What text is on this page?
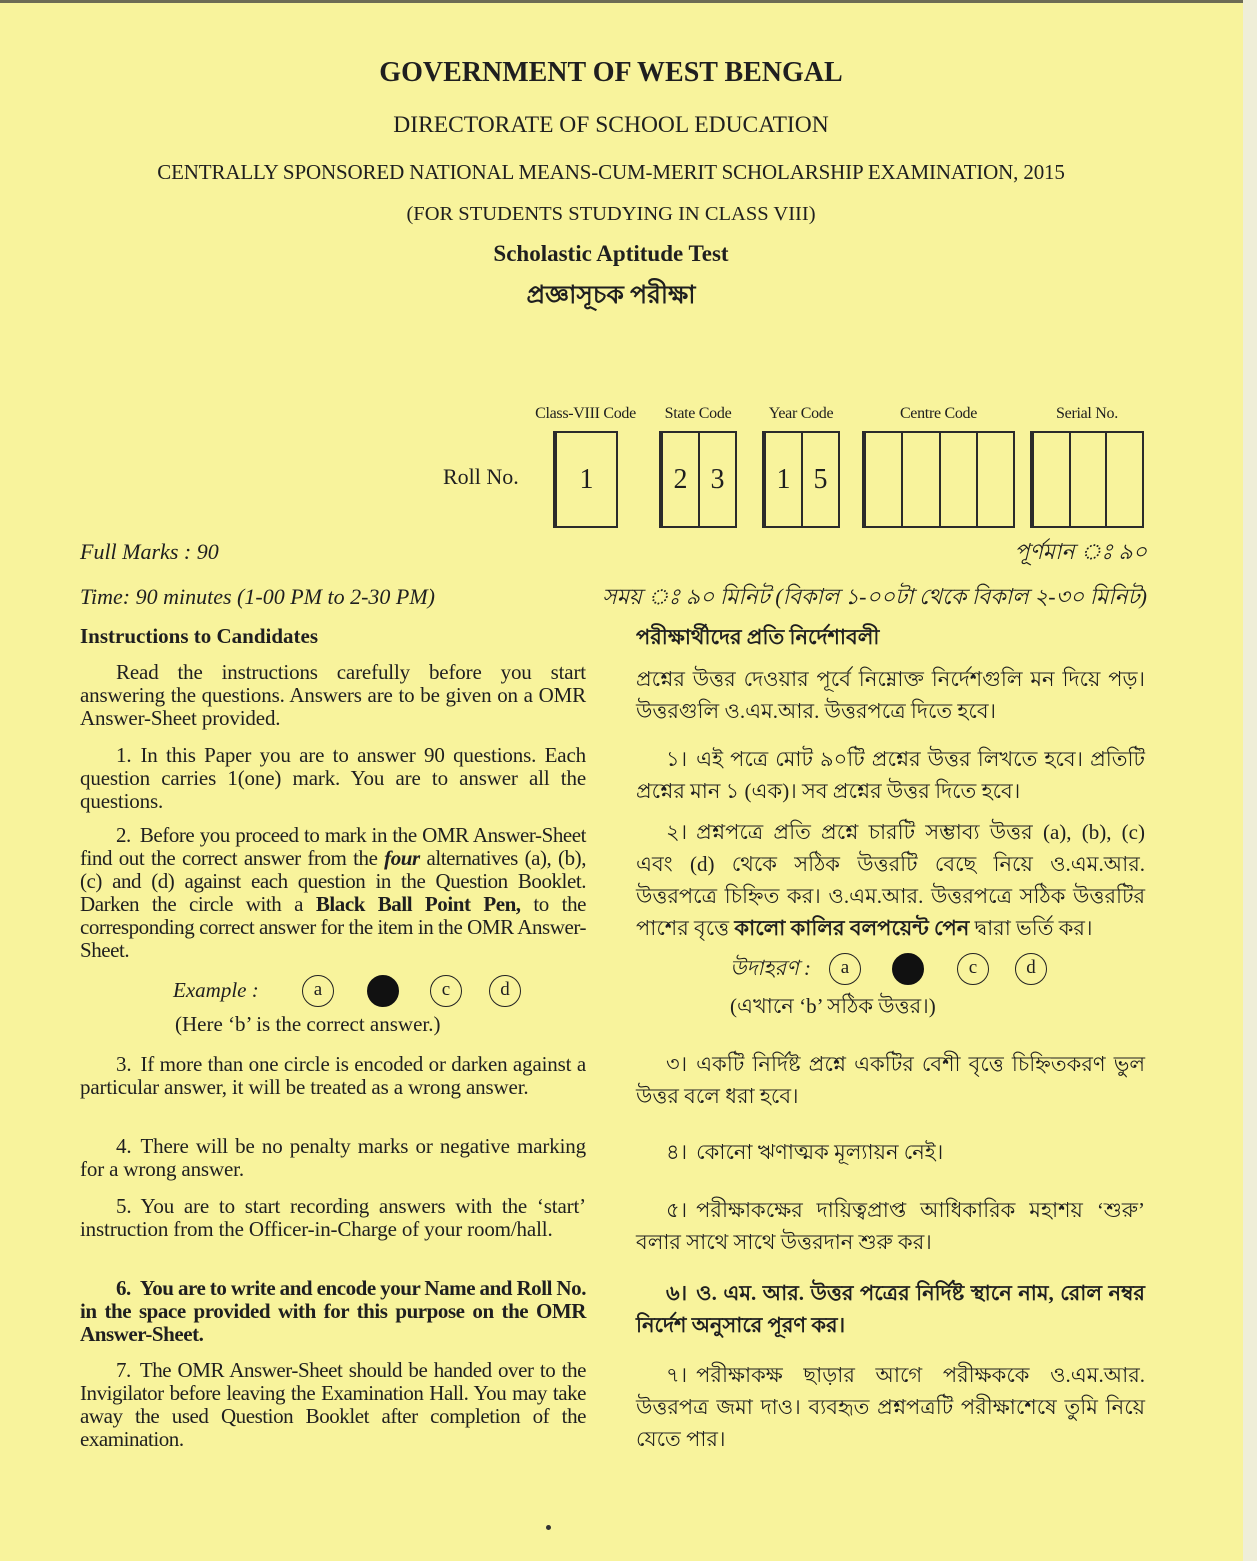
GOVERNMENT OF WEST BENGAL
DIRECTORATE OF SCHOOL EDUCATION
CENTRALLY SPONSORED NATIONAL MEANS-CUM-MERIT SCHOLARSHIP EXAMINATION, 2015
(FOR STUDENTS STUDYING IN CLASS VIII)
Scholastic Aptitude Test
প্রজ্ঞাসূচক পরীক্ষা
Roll No.
Class-VIII Code
1
State Code
2 3
Year Code
1 5
Centre Code	Serial No.
Full Marks : 90
Time: 90 minutes (1-00 PM to 2-30 PM)
Instructions to Candidates
Read the instructions carefully before you start answering the questions. Answers are to be given on a OMR Answer-Sheet provided.
1. In this Paper you are to answer 90 questions. Each question carries 1(one) mark. You are to answer all the questions.
2. Before you proceed to mark in the OMR Answer-Sheet find out the correct answer from the four alternatives (a), (b), (c) and (d) against each question in the Question Booklet. Darken the circle with a Black Ball Point Pen, to the corresponding correct answer for the item in the OMR Answer-Sheet.
Example :	a	c	d
(Here ‘b’ is the correct answer.)
3. If more than one circle is encoded or darken against a particular answer, it will be treated as a wrong answer.
4. There will be no penalty marks or negative marking for a wrong answer.
5. You are to start recording answers with the ‘start’ instruction from the Officer-in-Charge of your room/hall.
6. You are to write and encode your Name and Roll No. in the space provided with for this purpose on the OMR Answer-Sheet.
7. The OMR Answer-Sheet should be handed over to the Invigilator before leaving the Examination Hall. You may take away the used Question Booklet after completion of the examination.
পূর্ণমান ঃ ৯০
সময় ঃ ৯০ মিনিট (বিকাল ১-০০টা থেকে বিকাল ২-৩০ মিনিট)
পরীক্ষার্থীদের প্রতি নির্দেশাবলী
প্রশ্নের উত্তর দেওয়ার পূর্বে নিম্নোক্ত নির্দেশগুলি মন দিয়ে পড়। উত্তরগুলি ও.এম.আর. উত্তরপত্রে দিতে হবে।
১। এই পত্রে মোট ৯০টি প্রশ্নের উত্তর লিখতে হবে। প্রতিটি প্রশ্নের মান ১ (এক)। সব প্রশ্নের উত্তর দিতে হবে।
২। প্রশ্নপত্রে প্রতি প্রশ্নে চারটি সম্ভাব্য উত্তর (a), (b), (c) এবং (d) থেকে সঠিক উত্তরটি বেছে নিয়ে ও.এম.আর. উত্তরপত্রে চিহ্নিত কর। ও.এম.আর. উত্তরপত্রে সঠিক উত্তরটির পাশের বৃত্তে কালো কালির বলপয়েন্ট পেন দ্বারা ভর্তি কর।
উদাহরণ :	a	c	d
(এখানে ‘b’ সঠিক উত্তর।)
৩। একটি নির্দিষ্ট প্রশ্নে একটির বেশী বৃত্তে চিহ্নিতকরণ ভুল উত্তর বলে ধরা হবে।
৪। কোনো ঋণাত্মক মূল্যায়ন নেই।
৫। পরীক্ষাকক্ষের দায়িত্বপ্রাপ্ত আধিকারিক মহাশয় ‘শুরু’ বলার সাথে সাথে উত্তরদান শুরু কর।
৬। ও. এম. আর. উত্তর পত্রের নির্দিষ্ট স্থানে নাম, রোল নম্বর নির্দেশ অনুসারে পূরণ কর।
৭। পরীক্ষাকক্ষ ছাড়ার আগে পরীক্ষককে ও.এম.আর. উত্তরপত্র জমা দাও। ব্যবহৃত প্রশ্নপত্রটি পরীক্ষাশেষে তুমি নিয়ে যেতে পার।
